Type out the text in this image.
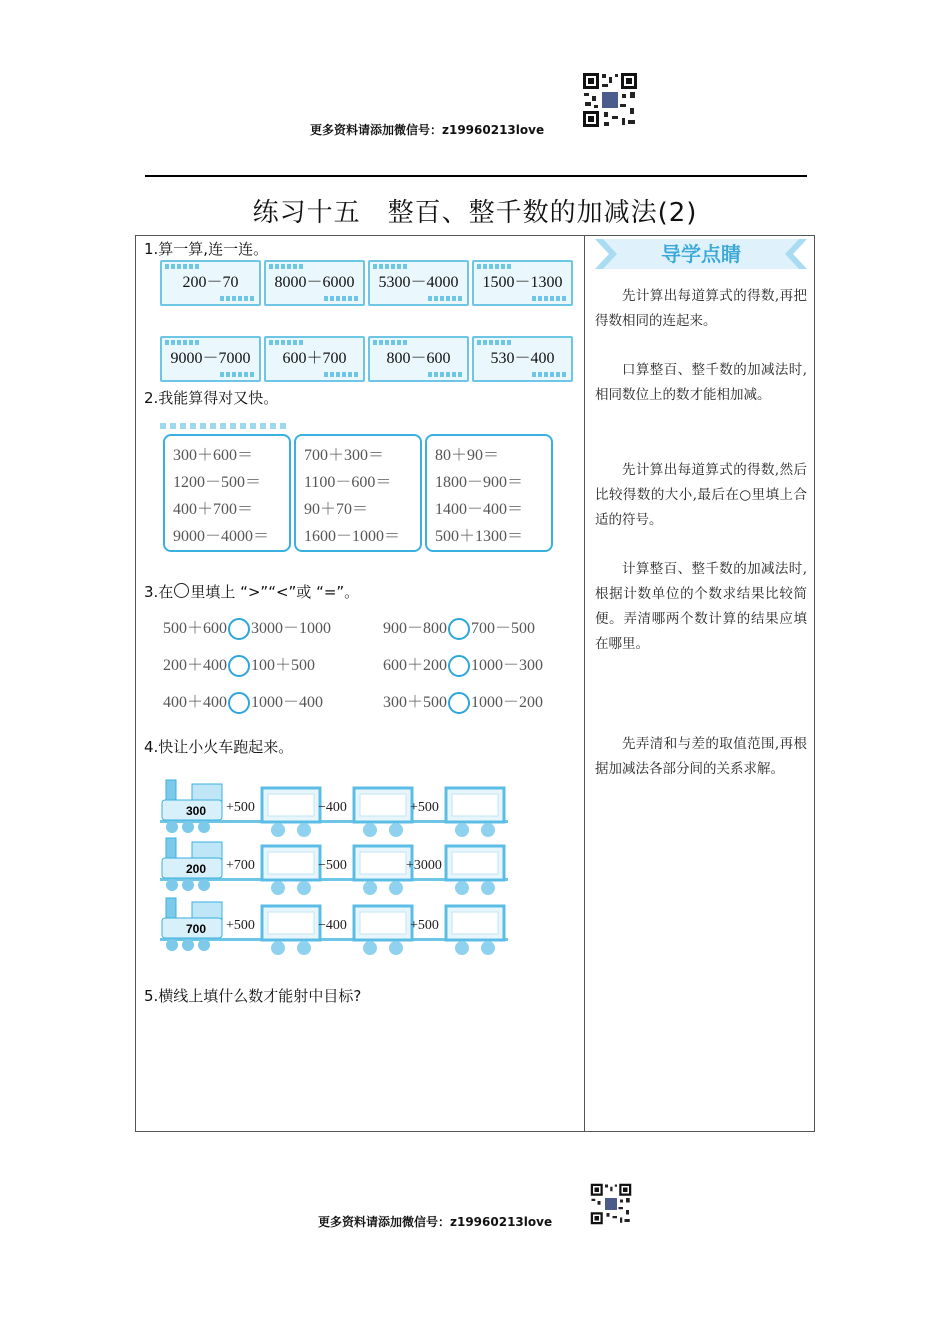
更多资料请添加微信号：z19960213love
练习十五　整百、整千数的加减法(2)
1.算一算,连一连。
200－70	8000－6000	5300－4000	1500－1300
9000－7000	600＋700	800－600	530－400
2.我能算得对又快。
300＋600＝
1200－500＝
400＋700＝
9000－4000＝
700＋300＝
1100－600＝
90＋70＝
1600－1000＝
80＋90＝
1800－900＝
1400－400＝
500＋1300＝
3.在 里填上 “>”“<”或 “=”。
500＋600 3000－1000	900－800 700－500
200＋400 100＋500	600＋200 1000－300
400＋400 1000－400	300＋500 1000－200
4.快让小火车跑起来。
300	+500	−400	+500
200	+700	−500	+3000
700	+500	−400	+500
5.横线上填什么数才能射中目标?
导学点睛
先计算出每道算式的得数,再把得数相同的连起来。
口算整百、整千数的加减法时,相同数位上的数才能相加减。
先计算出每道算式的得数,然后比较得数的大小,最后在○里填上合适的符号。
计算整百、整千数的加减法时,根据计数单位的个数求结果比较简便。弄清哪两个数计算的结果应填在哪里。
先弄清和与差的取值范围,再根据加减法各部分间的关系求解。
更多资料请添加微信号：z19960213love
